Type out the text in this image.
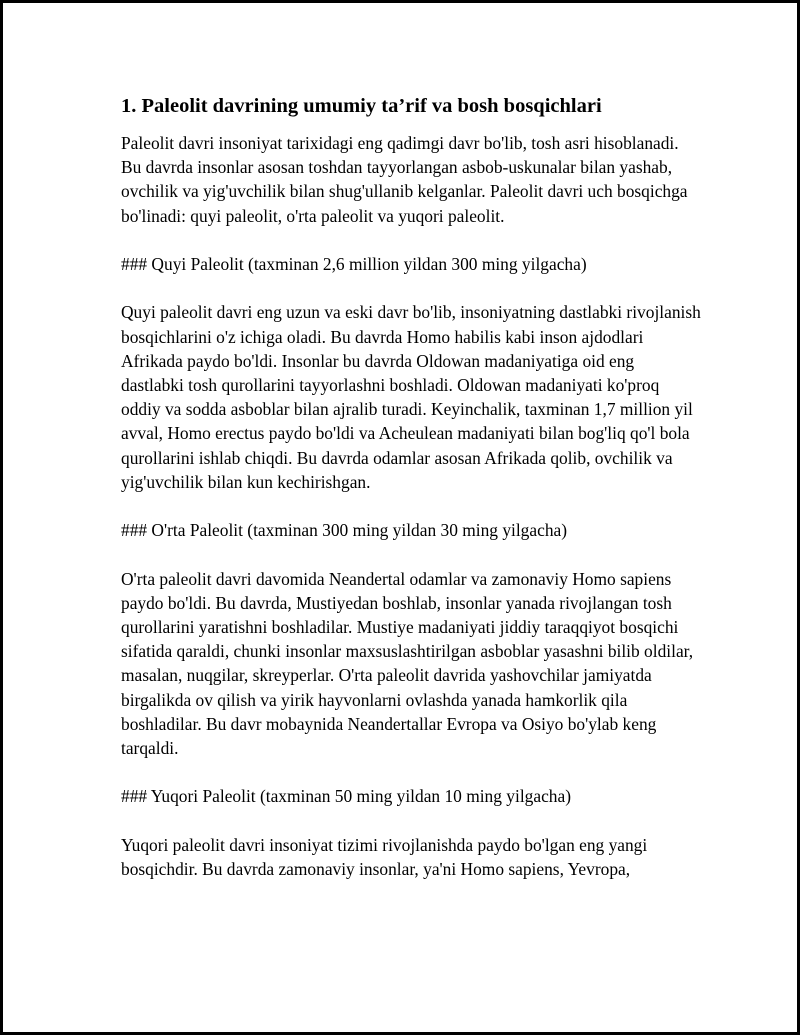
1. Paleolit davrining umumiy ta’rif va bosh bosqichlari

Paleolit davri insoniyat tarixidagi eng qadimgi davr bo'lib, tosh asri hisoblanadi. Bu davrda insonlar asosan toshdan tayyorlangan asbob-uskunalar bilan yashab, ovchilik va yig'uvchilik bilan shug'ullanib kelganlar. Paleolit davri uch bosqichga bo'linadi: quyi paleolit, o'rta paleolit va yuqori paleolit.

### Quyi Paleolit (taxminan 2,6 million yildan 300 ming yilgacha)

Quyi paleolit davri eng uzun va eski davr bo'lib, insoniyatning dastlabki rivojlanish bosqichlarini o'z ichiga oladi. Bu davrda Homo habilis kabi inson ajdodlari Afrikada paydo bo'ldi. Insonlar bu davrda Oldowan madaniyatiga oid eng dastlabki tosh qurollarini tayyorlashni boshladi. Oldowan madaniyati ko'proq oddiy va sodda asboblar bilan ajralib turadi. Keyinchalik, taxminan 1,7 million yil avval, Homo erectus paydo bo'ldi va Acheulean madaniyati bilan bog'liq qo'l bola qurollarini ishlab chiqdi. Bu davrda odamlar asosan Afrikada qolib, ovchilik va yig'uvchilik bilan kun kechirishgan.

### O'rta Paleolit (taxminan 300 ming yildan 30 ming yilgacha)

O'rta paleolit davri davomida Neandertal odamlar va zamonaviy Homo sapiens paydo bo'ldi. Bu davrda, Mustiyedan boshlab, insonlar yanada rivojlangan tosh qurollarini yaratishni boshladilar. Mustiye madaniyati jiddiy taraqqiyot bosqichi sifatida qaraldi, chunki insonlar maxsuslashtirilgan asboblar yasashni bilib oldilar, masalan, nuqgilar, skreyperlar. O'rta paleolit davrida yashovchilar jamiyatda birgalikda ov qilish va yirik hayvonlarni ovlashda yanada hamkorlik qila boshladilar. Bu davr mobaynida Neandertallar Evropa va Osiyo bo'ylab keng tarqaldi.

### Yuqori Paleolit (taxminan 50 ming yildan 10 ming yilgacha)

Yuqori paleolit davri insoniyat tizimi rivojlanishda paydo bo'lgan eng yangi bosqichdir. Bu davrda zamonaviy insonlar, ya'ni Homo sapiens, Yevropa,
